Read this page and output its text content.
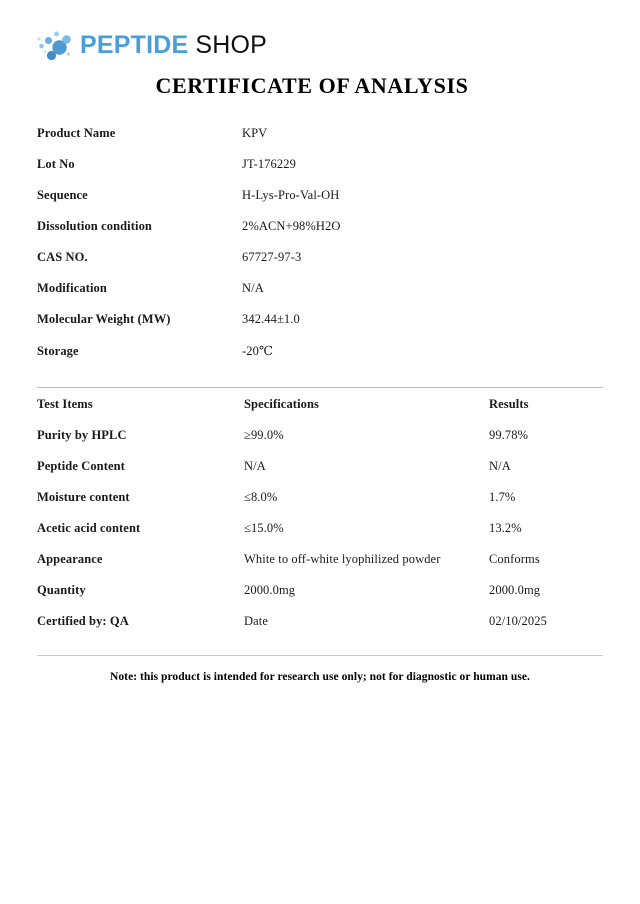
PEPTIDE SHOP
CERTIFICATE OF ANALYSIS
Product Name	KPV
Lot No	JT-176229
Sequence	H-Lys-Pro-Val-OH
Dissolution condition	2%ACN+98%H2O
CAS NO.	67727-97-3
Modification	N/A
Molecular Weight (MW)	342.44±1.0
Storage	-20℃
Test Items	Specifications	Results
Purity by HPLC	≥99.0%	99.78%
Peptide Content	N/A	N/A
Moisture content	≤8.0%	1.7%
Acetic acid content	≤15.0%	13.2%
Appearance	White to off-white lyophilized powder	Conforms
Quantity	2000.0mg	2000.0mg
Certified by: QA	Date	02/10/2025
Note: this product is intended for research use only; not for diagnostic or human use.
